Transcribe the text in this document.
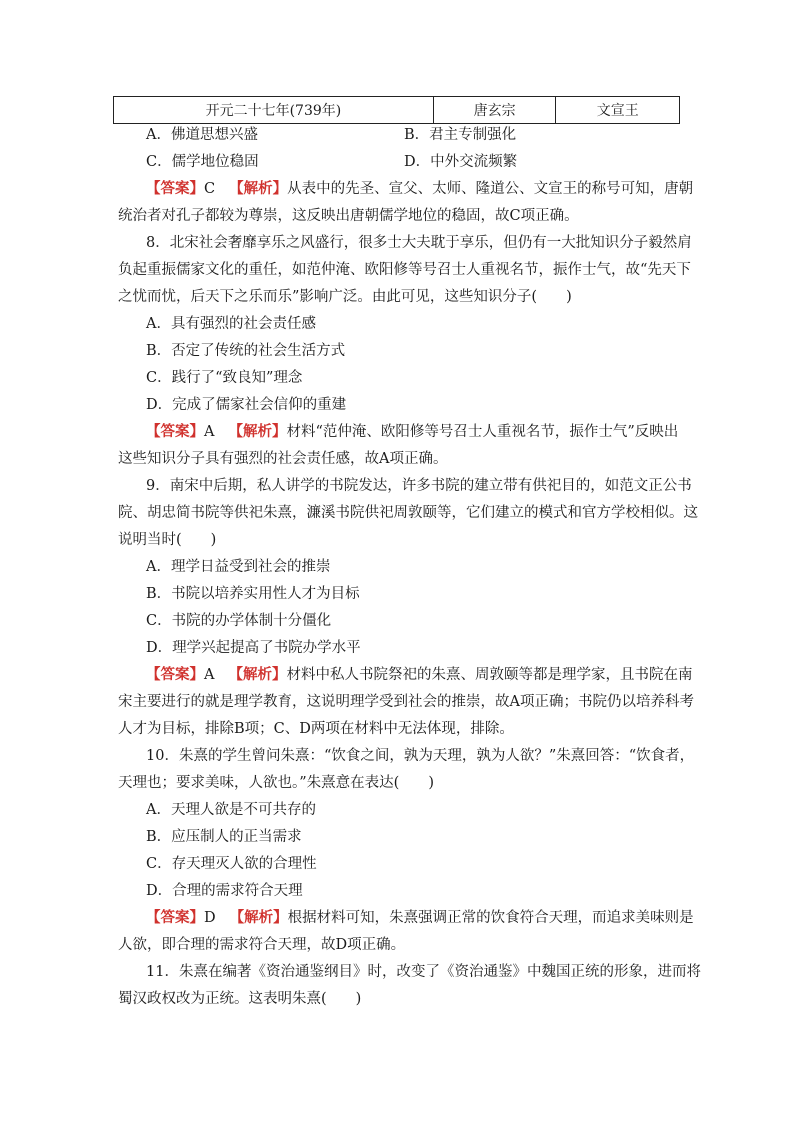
开元二十七年(739年)	唐玄宗	文宣王
A．佛道思想兴盛	B．君主专制强化
C．儒学地位稳固	D．中外交流频繁
【答案】C 【解析】从表中的先圣、宣父、太师、隆道公、文宣王的称号可知，唐朝
统治者对孔子都较为尊崇，这反映出唐朝儒学地位的稳固，故C项正确。
8．北宋社会奢靡享乐之风盛行，很多士大夫耽于享乐，但仍有一大批知识分子毅然肩
负起重振儒家文化的重任，如范仲淹、欧阳修等号召士人重视名节，振作士气，故“先天下
之忧而忧，后天下之乐而乐”影响广泛。由此可见，这些知识分子(　　)
A．具有强烈的社会责任感
B．否定了传统的社会生活方式
C．践行了“致良知”理念
D．完成了儒家社会信仰的重建
【答案】A 【解析】材料“范仲淹、欧阳修等号召士人重视名节，振作士气”反映出
这些知识分子具有强烈的社会责任感，故A项正确。
9．南宋中后期，私人讲学的书院发达，许多书院的建立带有供祀目的，如范文正公书
院、胡忠简书院等供祀朱熹，濂溪书院供祀周敦颐等，它们建立的模式和官方学校相似。这
说明当时(　　)
A．理学日益受到社会的推崇
B．书院以培养实用性人才为目标
C．书院的办学体制十分僵化
D．理学兴起提高了书院办学水平
【答案】A 【解析】材料中私人书院祭祀的朱熹、周敦颐等都是理学家，且书院在南
宋主要进行的就是理学教育，这说明理学受到社会的推崇，故A项正确；书院仍以培养科考
人才为目标，排除B项；C、D两项在材料中无法体现，排除。
10．朱熹的学生曾问朱熹：“饮食之间，孰为天理，孰为人欲？”朱熹回答：“饮食者，
天理也；要求美味，人欲也。”朱熹意在表达(　　)
A．天理人欲是不可共存的
B．应压制人的正当需求
C．存天理灭人欲的合理性
D．合理的需求符合天理
【答案】D 【解析】根据材料可知，朱熹强调正常的饮食符合天理，而追求美味则是
人欲，即合理的需求符合天理，故D项正确。
11．朱熹在编著《资治通鉴纲目》时，改变了《资治通鉴》中魏国正统的形象，进而将
蜀汉政权改为正统。这表明朱熹(　　)
